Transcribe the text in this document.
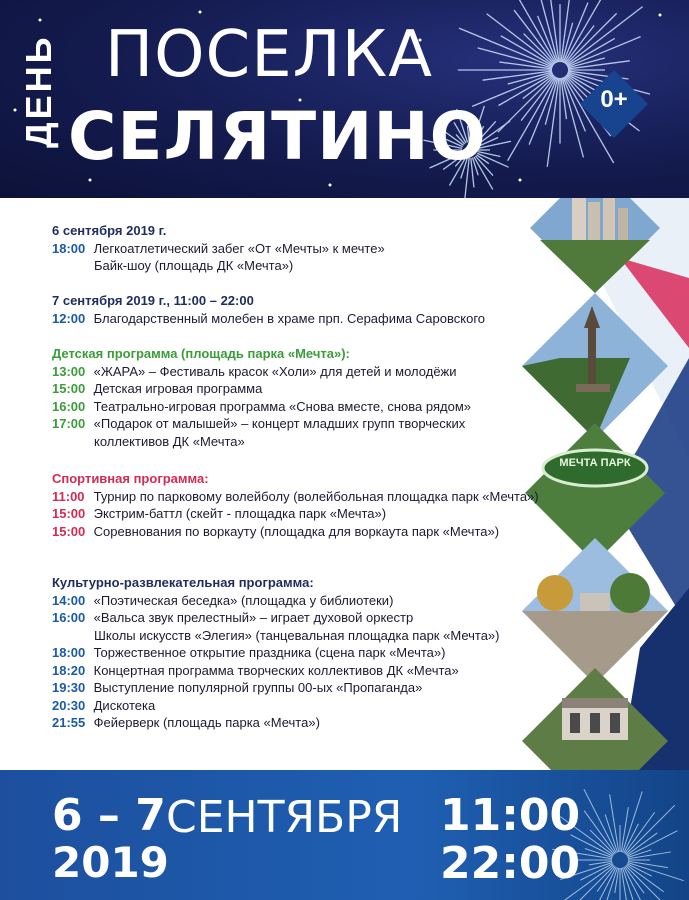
ДЕНЬ ПОСЕЛКА
СЕЛЯТИНО	0+
МЕЧТА ПАРК
6 сентября 2019 г.
18:00 Легкоатлетический забег «От «Мечты» к мечте»
Байк-шоу (площадь ДК «Мечта»)
7 сентября 2019 г., 11:00 – 22:00
12:00 Благодарственный молебен в храме прп. Серафима Саровского
Детская программа (площадь парка «Мечта»):
13:00 «ЖАРА» – Фестиваль красок «Холи» для детей и молодёжи
15:00 Детская игровая программа
16:00 Театрально-игровая программа «Снова вместе, снова рядом»
17:00 «Подарок от малышей» – концерт младших групп творческих
коллективов ДК «Мечта»
Спортивная программа:
11:00 Турнир по парковому волейболу (волейбольная площадка парк «Мечта»)
15:00 Экстрим-баттл (скейт - площадка парк «Мечта»)
15:00 Соревнования по воркауту (площадка для воркаута парк «Мечта»)
Культурно-развлекательная программа:
14:00 «Поэтическая беседка» (площадка у библиотеки)
16:00 «Вальса звук прелестный» – играет духовой оркестр
Школы искусств «Элегия» (танцевальная площадка парк «Мечта»)
18:00 Торжественное открытие праздника (сцена парк «Мечта»)
18:20 Концертная программа творческих коллективов ДК «Мечта»
19:30 Выступление популярной группы 00-ых «Пропаганда»
20:30 Дискотека
21:55 Фейерверк (площадь парка «Мечта»)
6 – 7 СЕНТЯБРЯ
2019
11:00
22:00
